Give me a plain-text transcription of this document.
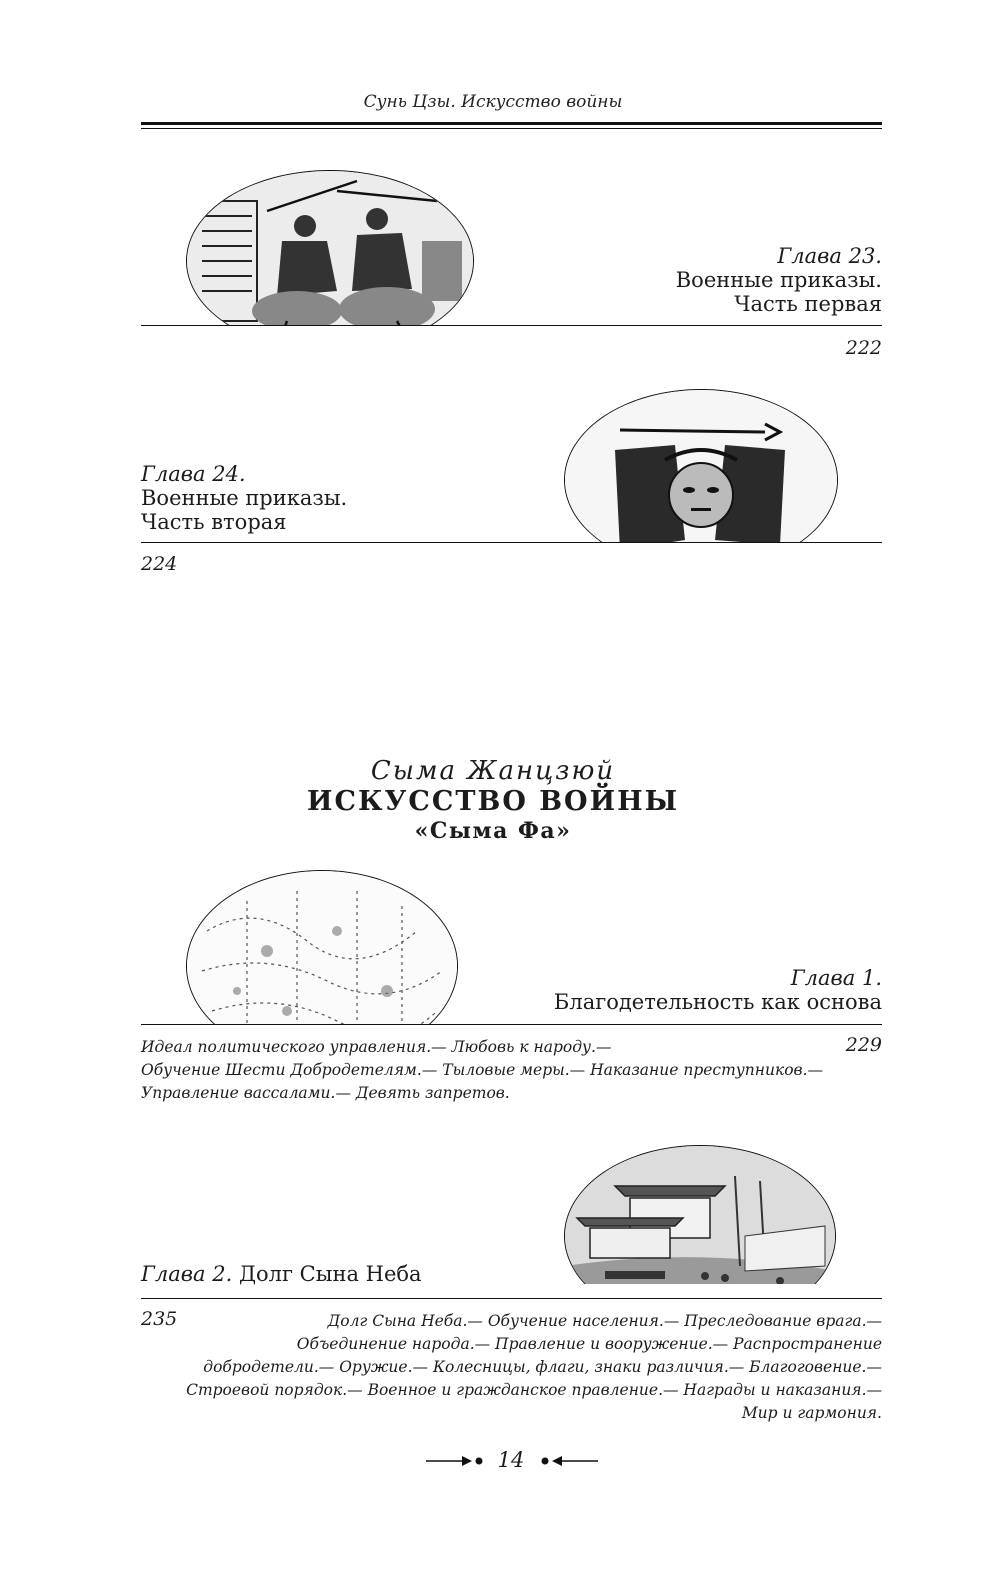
Сунь Цзы. Искусство войны
Глава 23.
Военные приказы.
Часть первая
222
Глава 24.
Военные приказы.
Часть вторая
224
Сыма Жанцзюй
ИСКУССТВО ВОЙНЫ
«Сыма Фа»
Глава 1.
Благодетельность как основа
229
Идеал политического управления.— Любовь к народу.—
Обучение Шести Добродетелям.— Тыловые меры.— Наказание преступников.—
Управление вассалами.— Девять запретов.
Глава 2. Долг Сына Неба
235	Долг Сына Неба.— Обучение населения.— Преследование врага.—
Объединение народа.— Правление и вооружение.— Распространение
добродетели.— Оружие.— Колесницы, флаги, знаки различия.— Благоговение.—
Строевой порядок.— Военное и гражданское правление.— Награды и наказания.—
Мир и гармония.
14
